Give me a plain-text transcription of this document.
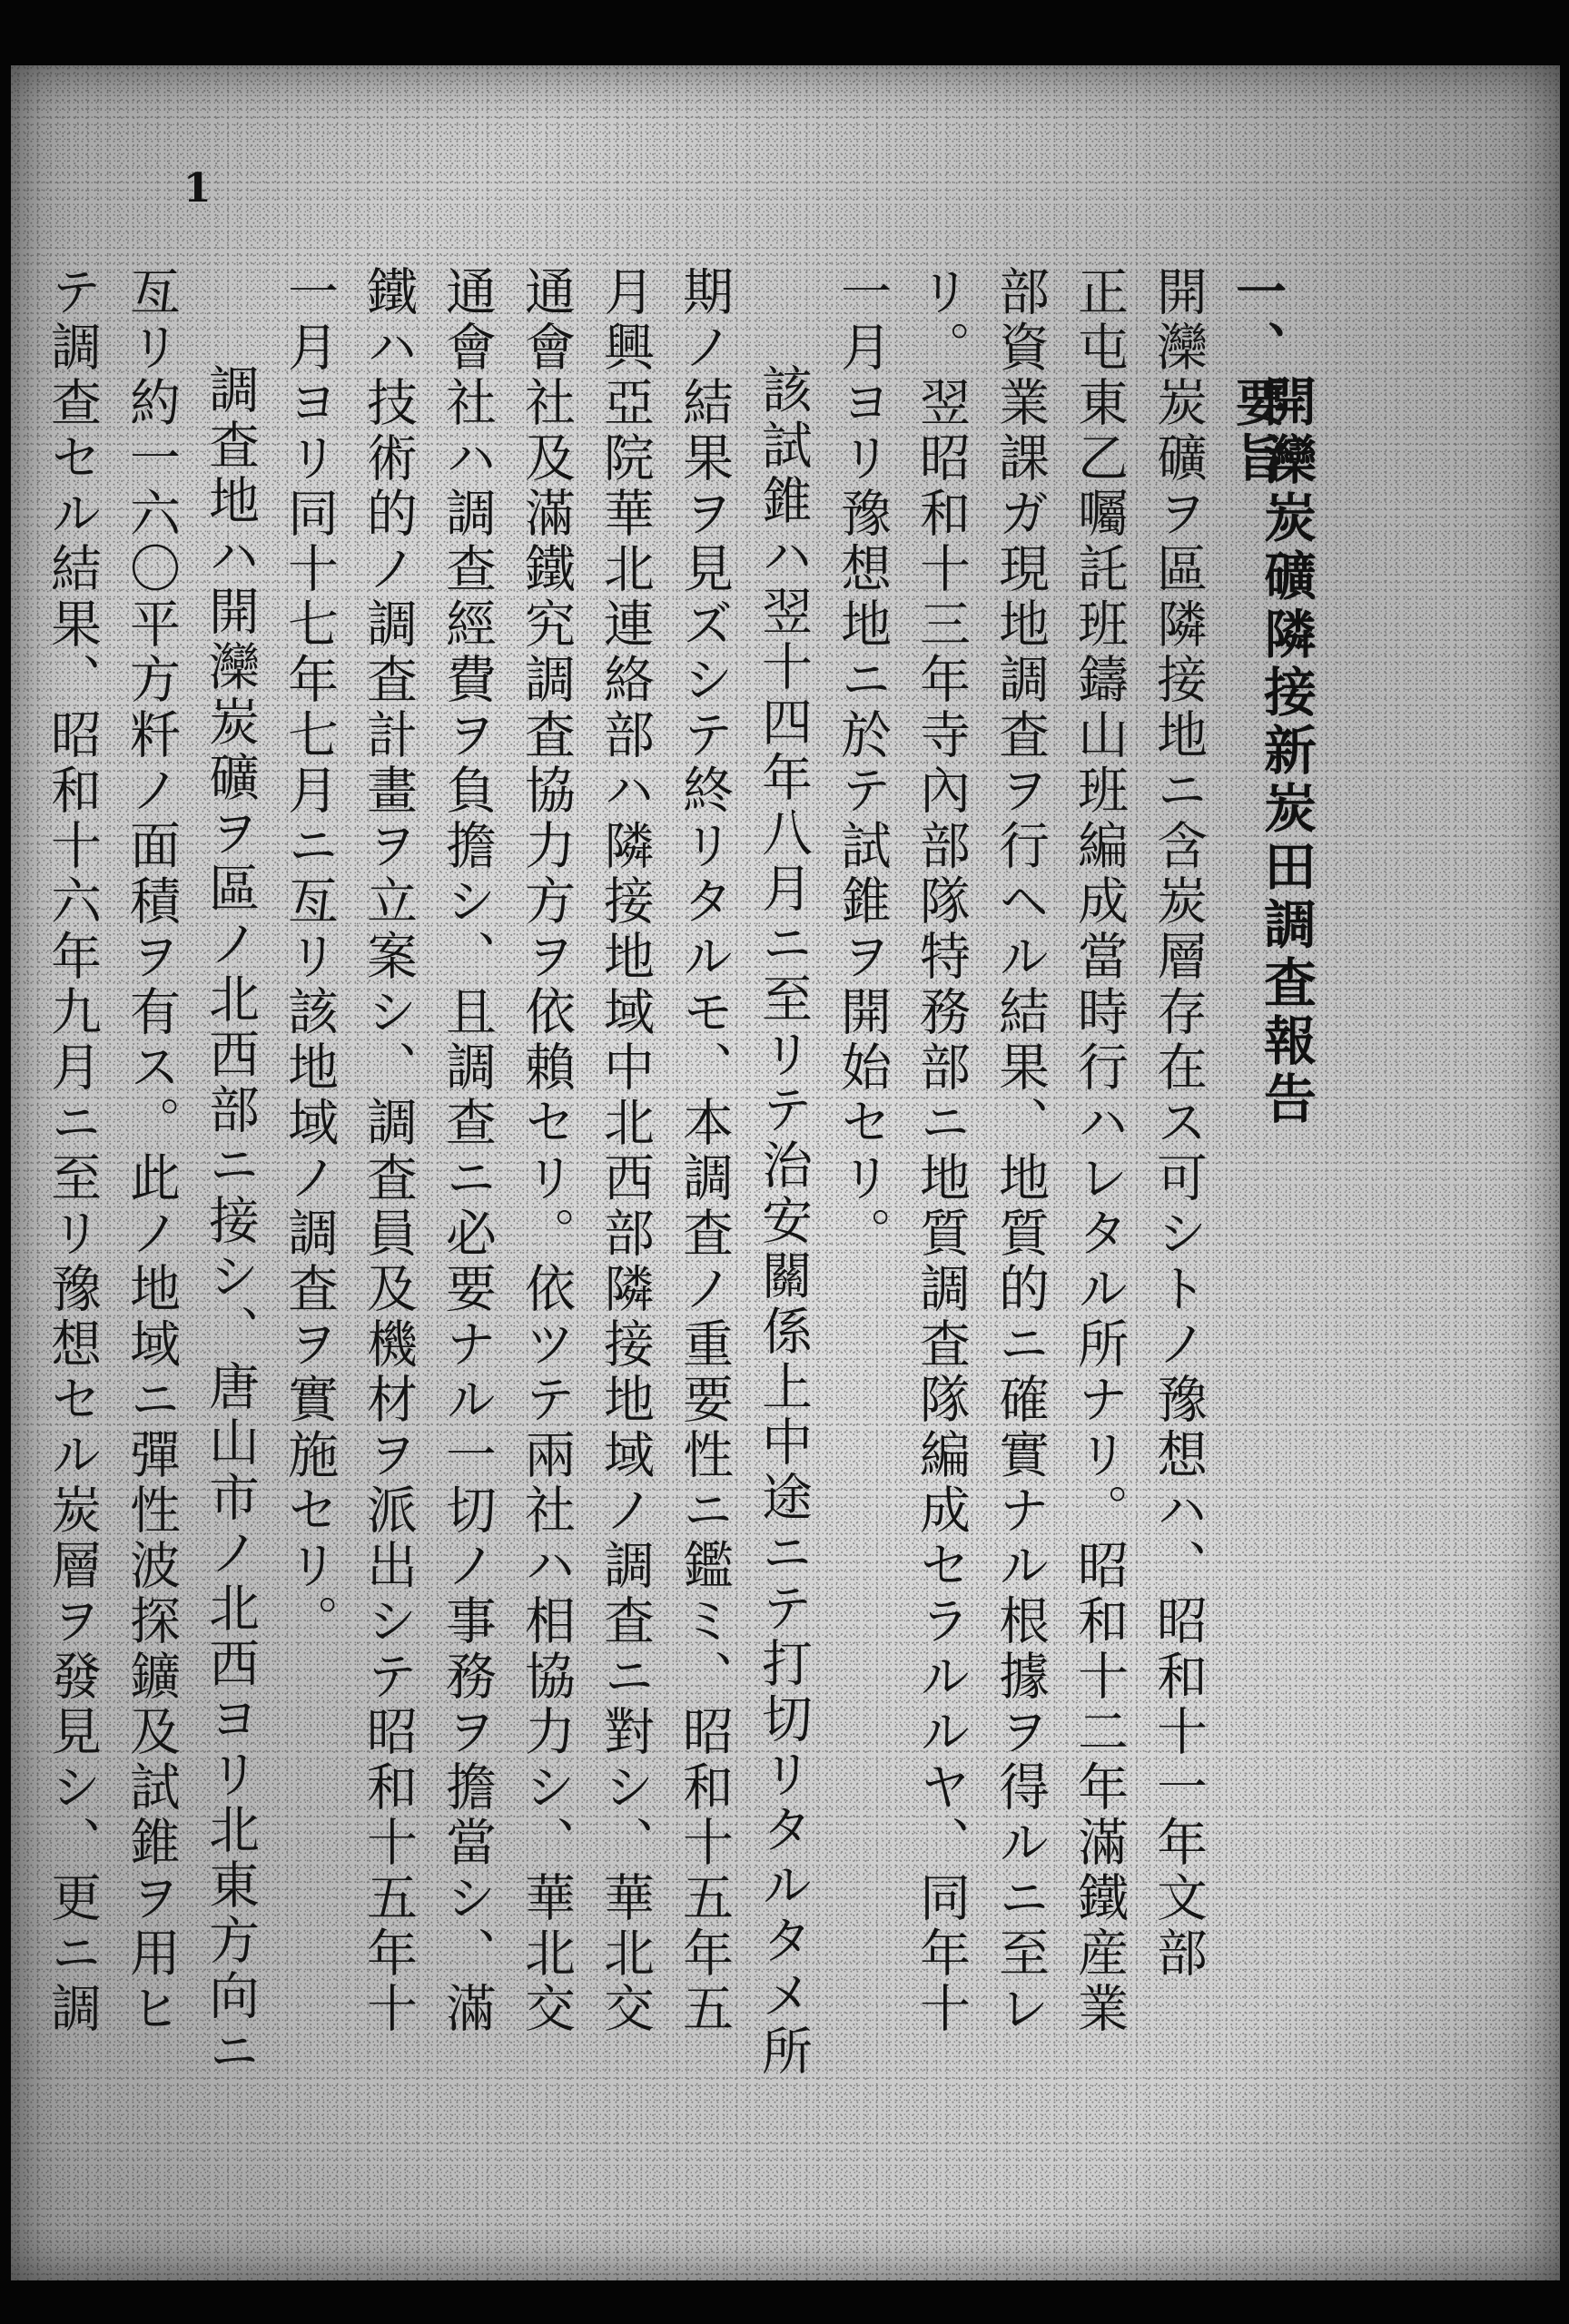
1
開灤炭礦隣接新炭田調査報告

一、要旨

開灤炭礦ヲ區隣接地ニ含炭層存在ス可シトノ豫想ハ、昭和十一年文部

正屯東乙囑託班鑄山班編成當時行ハレタル所ナリ。昭和十二年滿鐵産業

部資業課ガ現地調査ヲ行ヘル結果、地質的ニ確實ナル根據ヲ得ルニ至レ

リ。翌昭和十三年寺內部隊特務部ニ地質調査隊編成セラルルヤ、同年十

一月ヨリ豫想地ニ於テ試錐ヲ開始セリ。

該試錐ハ翌十四年八月ニ至リテ治安關係上中途ニテ打切リタルタメ所

期ノ結果ヲ見ズシテ終リタルモ、本調査ノ重要性ニ鑑ミ、昭和十五年五

月興亞院華北連絡部ハ隣接地域中北西部隣接地域ノ調査ニ對シ、華北交

通會社及滿鐵究調査協力方ヲ依賴セリ。依ツテ兩社ハ相協力シ、華北交

通會社ハ調查經費ヲ負擔シ、且調查ニ必要ナル一切ノ事務ヲ擔當シ、滿

鐵ハ技術的ノ調査計畫ヲ立案シ、調査員及機材ヲ派出シテ昭和十五年十

一月ヨリ同十七年七月ニ亙リ該地域ノ調査ヲ實施セリ。

調査地ハ開灤炭礦ヲ區ノ北西部ニ接シ、唐山市ノ北西ヨリ北東方向ニ

亙リ約一六〇平方粁ノ面積ヲ有ス。此ノ地域ニ彈性波探鑛及試錐ヲ用ヒ

テ調查セル結果、昭和十六年九月ニ至リ豫想セル炭層ヲ發見シ、更ニ調
